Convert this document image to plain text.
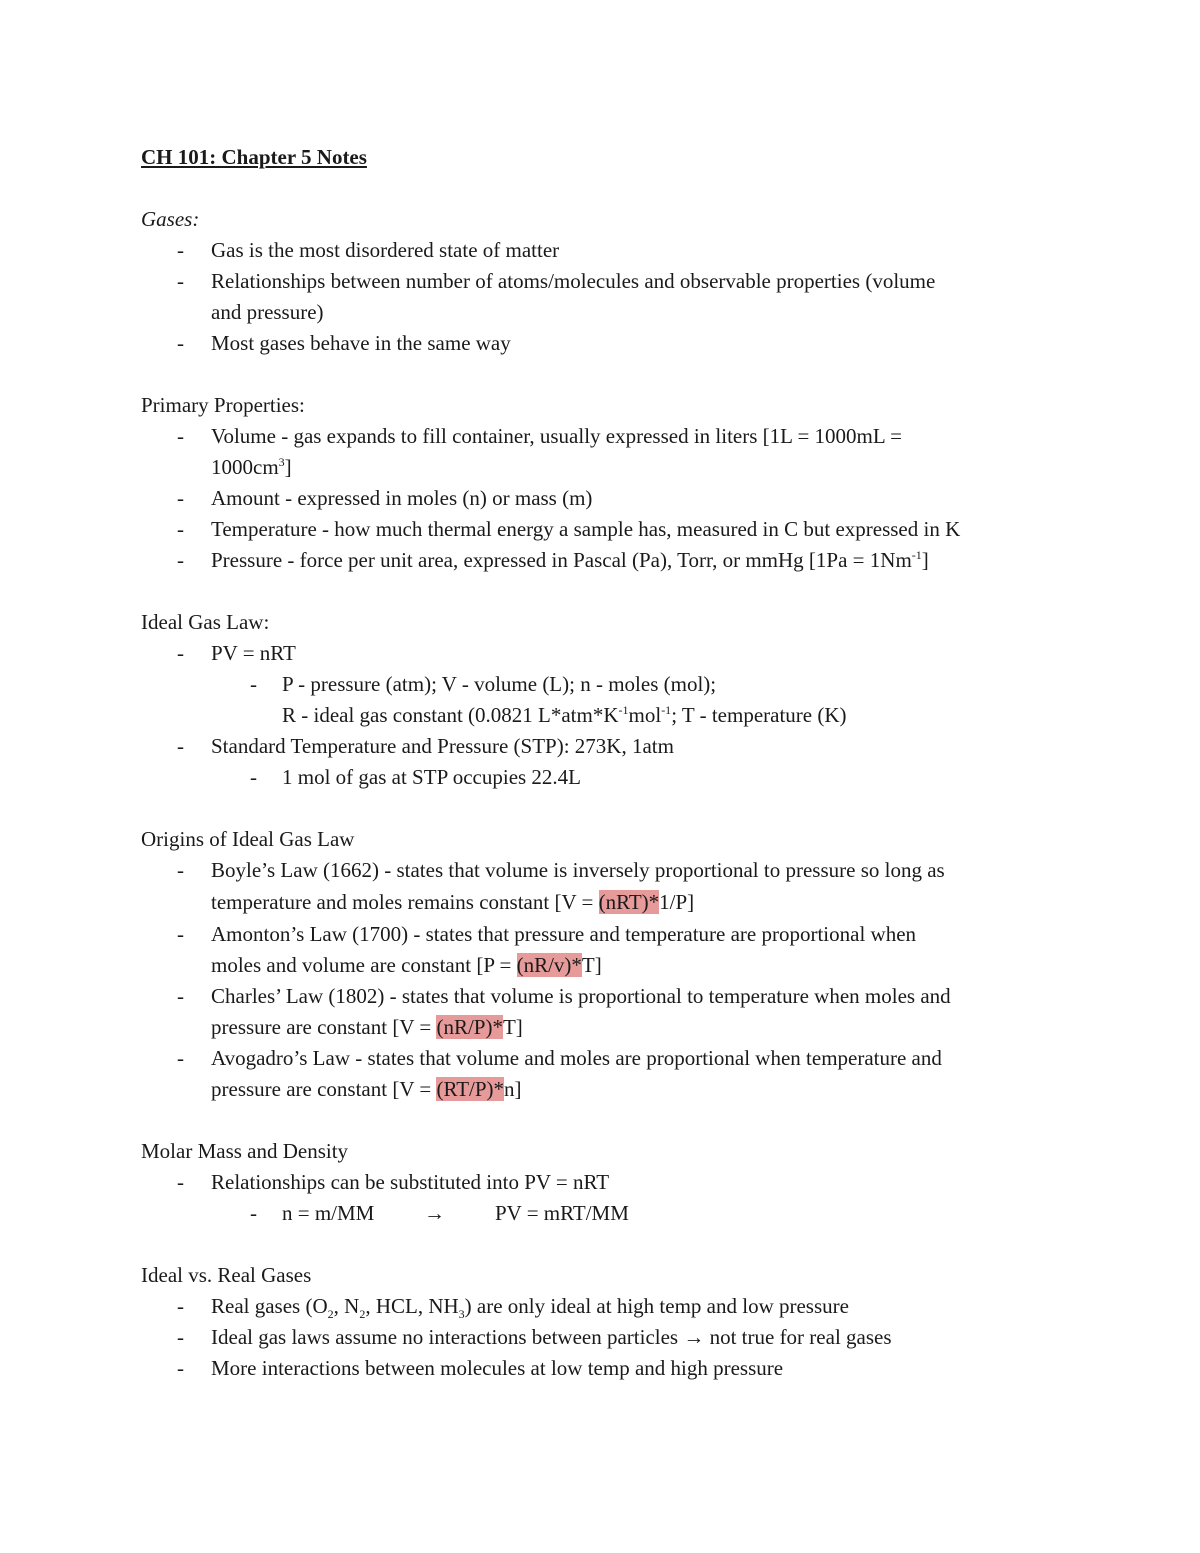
CH 101: Chapter 5 Notes
Gases:
- Gas is the most disordered state of matter
- Relationships between number of atoms/molecules and observable properties (volume
and pressure)
- Most gases behave in the same way
Primary Properties:
- Volume - gas expands to fill container, usually expressed in liters [1L = 1000mL =
$1000cm^3$]
- Amount - expressed in moles (n) or mass (m)
- Temperature - how much thermal energy a sample has, measured in C but expressed in K
- Pressure - force per unit area, expressed in Pascal (Pa), Torr, or mmHg $[1Pa = 1Nm^{-1}]$
Ideal Gas Law:
- PV = nRT
- P - pressure (atm); V - volume (L); n - moles (mol);
R - ideal gas constant (0.0821 $L*atm*K^{-1}mol^{-1}$; T - temperature (K)
- Standard Temperature and Pressure (STP): 273K, 1atm
- 1 mol of gas at STP occupies 22.4L
Origins of Ideal Gas Law
- Boyle’s Law (1662) - states that volume is inversely proportional to pressure so long as
temperature and moles remains constant [V = (nRT)*1/P]
- Amonton’s Law (1700) - states that pressure and temperature are proportional when
moles and volume are constant [P = (nR/v)*T]
- Charles’ Law (1802) - states that volume is proportional to temperature when moles and
pressure are constant [V = (nR/P)*T]
- Avogadro’s Law - states that volume and moles are proportional when temperature and
pressure are constant [V = (RT/P)*n]
Molar Mass and Density
- Relationships can be substituted into PV = nRT
- n = m/MM → PV = mRT/MM
Ideal vs. Real Gases
- Real gases ($O_2$, $N_2$, HCL, $NH_3$) are only ideal at high temp and low pressure
- Ideal gas laws assume no interactions between particles → not true for real gases
- More interactions between molecules at low temp and high pressure
